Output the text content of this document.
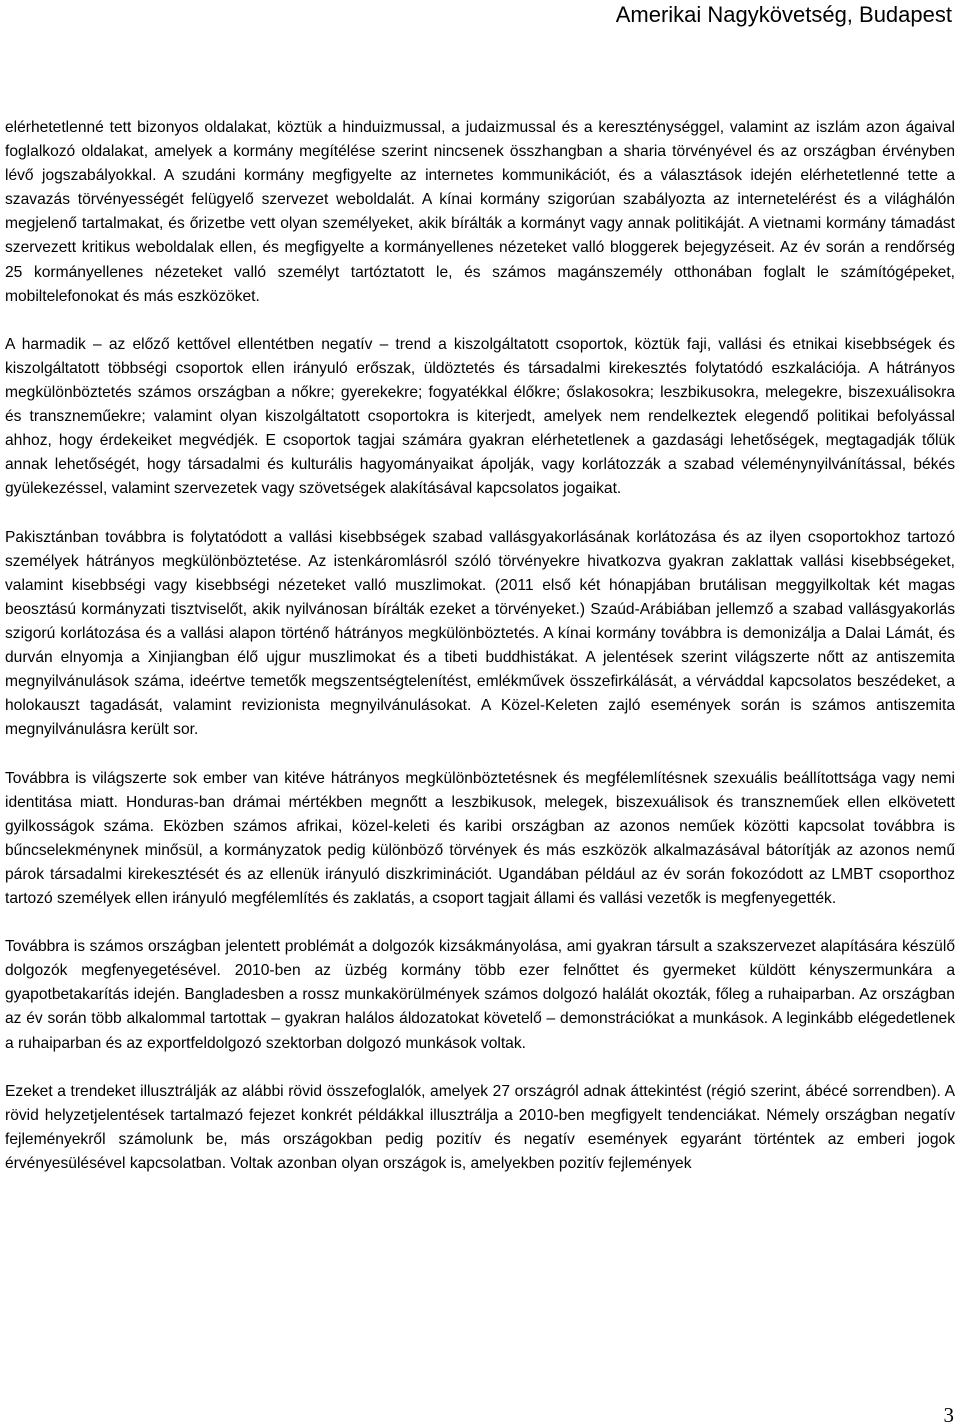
Amerikai Nagykövetség, Budapest

elérhetetlenné tett bizonyos oldalakat, köztük a hinduizmussal, a judaizmussal és a kereszténységgel, valamint az iszlám azon ágaival foglalkozó oldalakat, amelyek a kormány megítélése szerint nincsenek összhangban a sharia törvényével és az országban érvényben lévő jogszabályokkal. A szudáni kormány megfigyelte az internetes kommunikációt, és a választások idején elérhetetlenné tette a szavazás törvényességét felügyelő szervezet weboldalát. A kínai kormány szigorúan szabályozta az internetelérést és a világhálón megjelenő tartalmakat, és őrizetbe vett olyan személyeket, akik bírálták a kormányt vagy annak politikáját. A vietnami kormány támadást szervezett kritikus weboldalak ellen, és megfigyelte a kormányellenes nézeteket valló bloggerek bejegyzéseit. Az év során a rendőrség 25 kormányellenes nézeteket valló személyt tartóztatott le, és számos magánszemély otthonában foglalt le számítógépeket, mobiltelefonokat és más eszközöket.

A harmadik – az előző kettővel ellentétben negatív – trend a kiszolgáltatott csoportok, köztük faji, vallási és etnikai kisebbségek és kiszolgáltatott többségi csoportok ellen irányuló erőszak, üldöztetés és társadalmi kirekesztés folytatódó eszkalációja. A hátrányos megkülönböztetés számos országban a nőkre; gyerekekre; fogyatékkal élőkre; őslakosokra; leszbikusokra, melegekre, biszexuálisokra és transzneműekre; valamint olyan kiszolgáltatott csoportokra is kiterjedt, amelyek nem rendelkeztek elegendő politikai befolyással ahhoz, hogy érdekeiket megvédjék. E csoportok tagjai számára gyakran elérhetetlenek a gazdasági lehetőségek, megtagadják tőlük annak lehetőségét, hogy társadalmi és kulturális hagyományaikat ápolják, vagy korlátozzák a szabad véleménynyilvánítással, békés gyülekezéssel, valamint szervezetek vagy szövetségek alakításával kapcsolatos jogaikat.

Pakisztánban továbbra is folytatódott a vallási kisebbségek szabad vallásgyakorlásának korlátozása és az ilyen csoportokhoz tartozó személyek hátrányos megkülönböztetése. Az istenkáromlásról szóló törvényekre hivatkozva gyakran zaklattak vallási kisebbségeket, valamint kisebbségi vagy kisebbségi nézeteket valló muszlimokat. (2011 első két hónapjában brutálisan meggyilkoltak két magas beosztású kormányzati tisztviselőt, akik nyilvánosan bírálták ezeket a törvényeket.) Szaúd-Arábiában jellemző a szabad vallásgyakorlás szigorú korlátozása és a vallási alapon történő hátrányos megkülönböztetés. A kínai kormány továbbra is demonizálja a Dalai Lámát, és durván elnyomja a Xinjiangban élő ujgur muszlimokat és a tibeti buddhistákat. A jelentések szerint világszerte nőtt az antiszemita megnyilvánulások száma, ideértve temetők megszentségtelenítést, emlékművek összefirkálását, a vérváddal kapcsolatos beszédeket, a holokauszt tagadását, valamint revizionista megnyilvánulásokat. A Közel-Keleten zajló események során is számos antiszemita megnyilvánulásra került sor.

Továbbra is világszerte sok ember van kitéve hátrányos megkülönböztetésnek és megfélemlítésnek szexuális beállítottsága vagy nemi identitása miatt. Honduras-ban drámai mértékben megnőtt a leszbikusok, melegek, biszexuálisok és transzneműek ellen elkövetett gyilkosságok száma. Eközben számos afrikai, közel-keleti és karibi országban az azonos neműek közötti kapcsolat továbbra is bűncselekménynek minősül, a kormányzatok pedig különböző törvények és más eszközök alkalmazásával bátorítják az azonos nemű párok társadalmi kirekesztését és az ellenük irányuló diszkriminációt. Ugandában például az év során fokozódott az LMBT csoporthoz tartozó személyek ellen irányuló megfélemlítés és zaklatás, a csoport tagjait állami és vallási vezetők is megfenyegették.

Továbbra is számos országban jelentett problémát a dolgozók kizsákmányolása, ami gyakran társult a szakszervezet alapítására készülő dolgozók megfenyegetésével. 2010-ben az üzbég kormány több ezer felnőttet és gyermeket küldött kényszermunkára a gyapotbetakarítás idején. Bangladesben a rossz munkakörülmények számos dolgozó halálát okozták, főleg a ruhaiparban. Az országban az év során több alkalommal tartottak – gyakran halálos áldozatokat követelő – demonstrációkat a munkások. A leginkább elégedetlenek a ruhaiparban és az exportfeldolgozó szektorban dolgozó munkások voltak.

Ezeket a trendeket illusztrálják az alábbi rövid összefoglalók, amelyek 27 országról adnak áttekintést (régió szerint, ábécé sorrendben). A rövid helyzetjelentések tartalmazó fejezet konkrét példákkal illusztrálja a 2010-ben megfigyelt tendenciákat. Némely országban negatív fejleményekről számolunk be, más országokban pedig pozitív és negatív események egyaránt történtek az emberi jogok érvényesülésével kapcsolatban. Voltak azonban olyan országok is, amelyekben pozitív fejlemények

3
